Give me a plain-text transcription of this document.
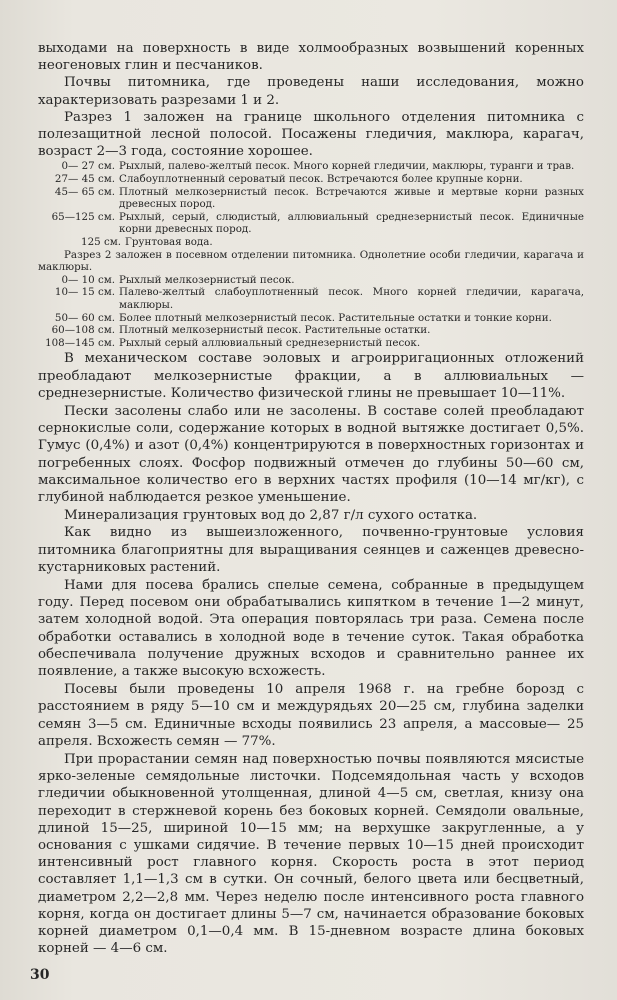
выходами на поверхность в виде холмообразных возвышений коренных неогеновых глин и песчаников.

Почвы питомника, где проведены наши исследования, можно характеризовать разрезами 1 и 2.

Разрез 1 заложен на границе школьного отделения питомника с полезащитной лесной полосой. Посажены гледичия, маклюра, карагач, возраст 2—3 года, состояние хорошее.

0— 27 см. Рыхлый, палево-желтый песок. Много корней гледичии, маклюры, туранги и трав.
27— 45 см. Слабоуплотненный сероватый песок. Встречаются более крупные корни.
45— 65 см. Плотный мелкозернистый песок. Встречаются живые и мертвые корни разных древесных пород.
65—125 см. Рыхлый, серый, слюдистый, аллювиальный среднезернистый песок. Единичные корни древесных пород.
125 см. Грунтовая вода.

Разрез 2 заложен в посевном отделении питомника. Однолетние особи гледичии, карагача и маклюры.

0— 10 см. Рыхлый мелкозернистый песок.
10— 15 см. Палево-желтый слабоуплотненный песок. Много корней гледичии, карагача, маклюры.
50— 60 см. Более плотный мелкозернистый песок. Растительные остатки и тонкие корни.
60—108 см. Плотный мелкозернистый песок. Растительные остатки.
108—145 см. Рыхлый серый аллювиальный среднезернистый песок.

В механическом составе эоловых и агроирригационных отложений преобладают мелкозернистые фракции, а в аллювиальных — среднезернистые. Количество физической глины не превышает 10—11%.

Пески засолены слабо или не засолены. В составе солей преобладают сернокислые соли, содержание которых в водной вытяжке достигает 0,5%. Гумус (0,4%) и азот (0,4%) концентрируются в поверхностных горизонтах и погребенных слоях. Фосфор подвижный отмечен до глубины 50—60 см, максимальное количество его в верхних частях профиля (10—14 мг/кг), с глубиной наблюдается резкое уменьшение.

Минерализация грунтовых вод до 2,87 г/л сухого остатка.

Как видно из вышеизложенного, почвенно-грунтовые условия питомника благоприятны для выращивания сеянцев и саженцев древесно-кустарниковых растений.

Нами для посева брались спелые семена, собранные в предыдущем году. Перед посевом они обрабатывались кипятком в течение 1—2 минут, затем холодной водой. Эта операция повторялась три раза. Семена после обработки оставались в холодной воде в течение суток. Такая обработка обеспечивала получение дружных всходов и сравнительно раннее их появление, а также высокую всхожесть.

Посевы были проведены 10 апреля 1968 г. на гребне борозд с расстоянием в ряду 5—10 см и междурядьях 20—25 см, глубина заделки семян 3—5 см. Единичные всходы появились 23 апреля, а массовые— 25 апреля. Всхожесть семян — 77%.

При прорастании семян над поверхностью почвы появляются мясистые ярко-зеленые семядольные листочки. Подсемядольная часть у всходов гледичии обыкновенной утолщенная, длиной 4—5 см, светлая, книзу она переходит в стержневой корень без боковых корней. Семядоли овальные, длиной 15—25, шириной 10—15 мм; на верхушке закругленные, а у основания с ушками сидячие. В течение первых 10—15 дней происходит интенсивный рост главного корня. Скорость роста в этот период составляет 1,1—1,3 см в сутки. Он сочный, белого цвета или бесцветный, диаметром 2,2—2,8 мм. Через неделю после интенсивного роста главного корня, когда он достигает длины 5—7 см, начинается образование боковых корней диаметром 0,1—0,4 мм. В 15-дневном возрасте длина боковых корней — 4—6 см.

30
